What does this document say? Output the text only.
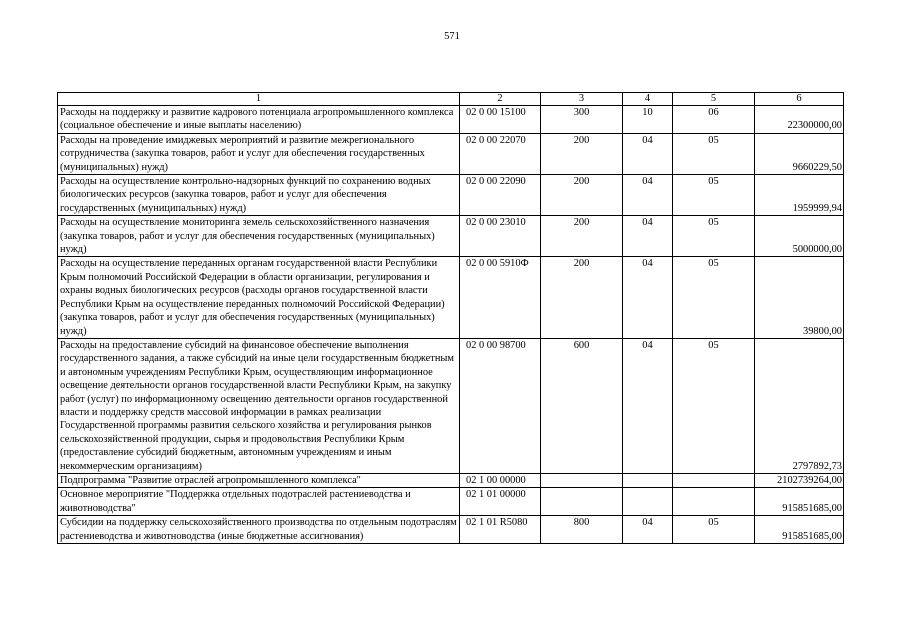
571
1	2	3	4	5	6
Расходы на поддержку и развитие кадрового потенциала агропромышленного комплекса (социальное обеспечение и иные выплаты населению)	02 0 00 15100	300	10	06	22300000,00
Расходы на проведение имиджевых мероприятий и развитие межрегионального сотрудничества (закупка товаров, работ и услуг для обеспечения государственных (муниципальных) нужд)	02 0 00 22070	200	04	05	9660229,50
Расходы на осуществление контрольно-надзорных функций по сохранению водных биологических ресурсов (закупка товаров, работ и услуг для обеспечения государственных (муниципальных) нужд)	02 0 00 22090	200	04	05	1959999,94
Расходы на осуществление мониторинга земель сельскохозяйственного назначения (закупка товаров, работ и услуг для обеспечения государственных (муниципальных) нужд)	02 0 00 23010	200	04	05	5000000,00
Расходы на осуществление переданных органам государственной власти Республики Крым полномочий Российской Федерации в области организации, регулирования и охраны водных биологических ресурсов (расходы органов государственной власти Республики Крым на осуществление переданных полномочий Российской Федерации) (закупка товаров, работ и услуг для обеспечения государственных (муниципальных) нужд)	02 0 00 5910Ф	200	04	05	39800,00
Расходы на предоставление субсидий на финансовое обеспечение выполнения государственного задания, а также субсидий на иные цели государственным бюджетным и автономным учреждениям Республики Крым, осуществляющим информационное освещение деятельности органов государственной власти Республики Крым, на закупку работ (услуг) по информационному освещению деятельности органов государственной власти и поддержку средств массовой информации в рамках реализации Государственной программы развития сельского хозяйства и регулирования рынков сельскохозяйственной продукции, сырья и продовольствия Республики Крым (предоставление субсидий бюджетным, автономным учреждениям и иным некоммерческим организациям)	02 0 00 98700	600	04	05	2797892,73
Подпрограмма "Развитие отраслей агропромышленного комплекса"	02 1 00 00000				2102739264,00
Основное мероприятие "Поддержка отдельных подотраслей растениеводства и животноводства"	02 1 01 00000				915851685,00
Субсидии на поддержку сельскохозяйственного производства по отдельным подотраслям растениеводства и животноводства (иные бюджетные ассигнования)	02 1 01 R5080	800	04	05	915851685,00
